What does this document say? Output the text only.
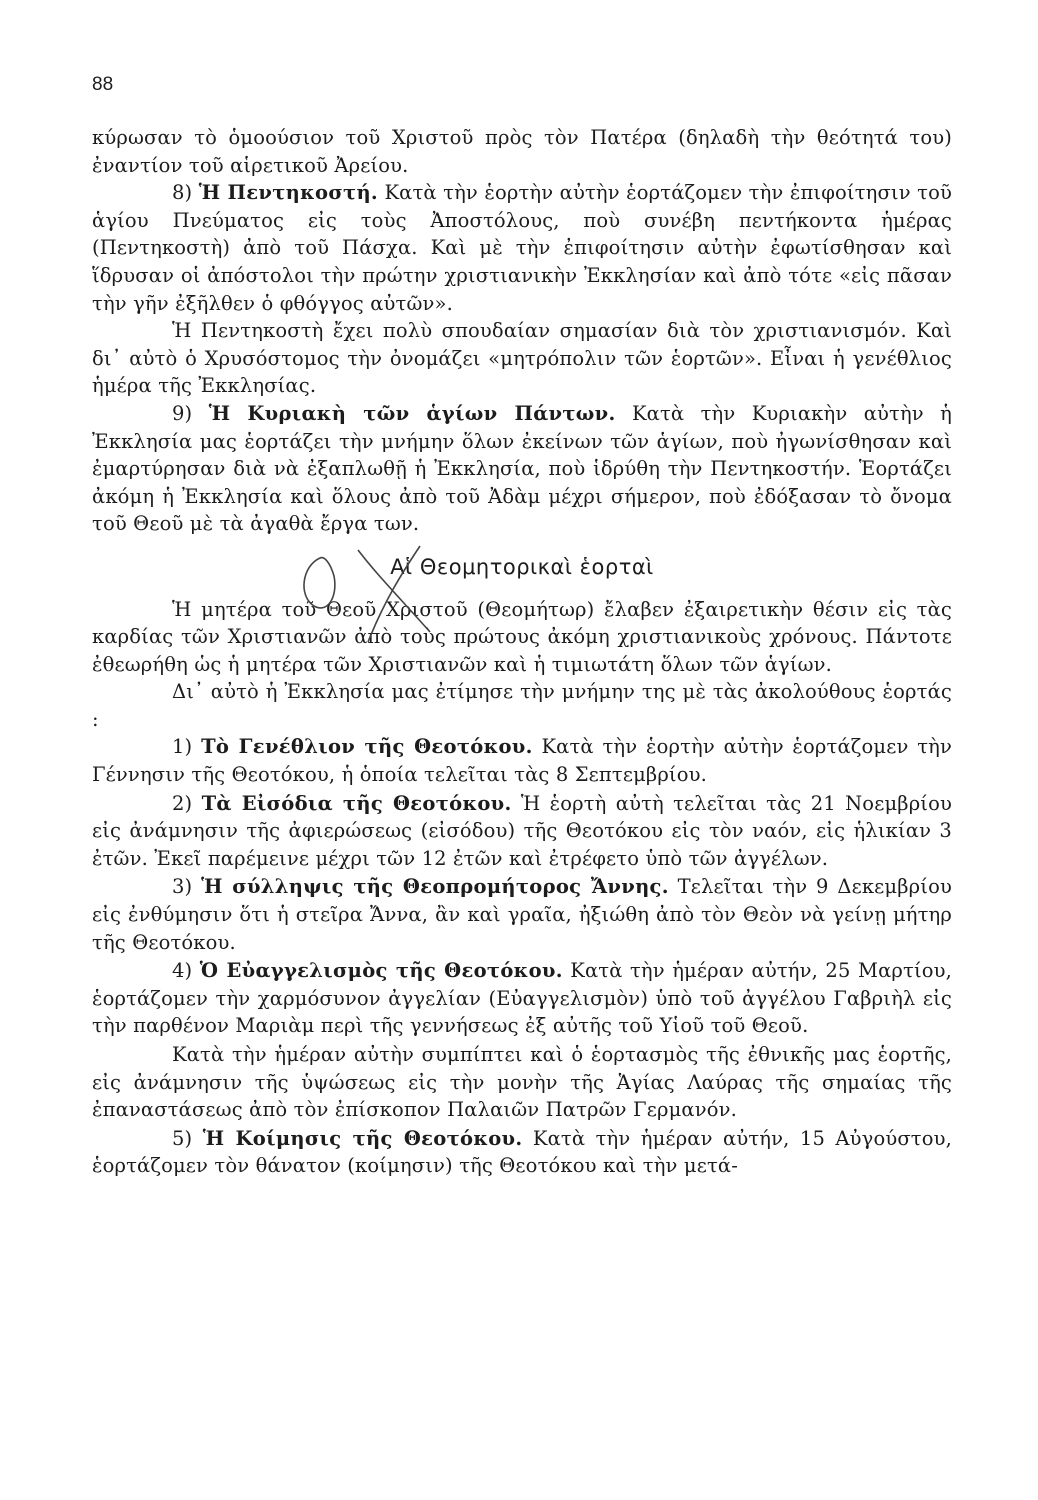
88

κύρωσαν τὸ ὁμοούσιον τοῦ Χριστοῦ πρὸς τὸν Πατέρα (δηλαδὴ τὴν θεότητά του) ἐναντίον τοῦ αἱρετικοῦ Ἀρείου.

8) Ἡ Πεντηκοστή. Κατὰ τὴν ἑορτὴν αὐτὴν ἑορτάζομεν τὴν ἐπιφοίτησιν τοῦ ἁγίου Πνεύματος εἰς τοὺς Ἀποστόλους, ποὺ συνέβη πεντήκοντα ἡμέρας (Πεντηκοστὴ) ἀπὸ τοῦ Πάσχα. Καὶ μὲ τὴν ἐπιφοίτησιν αὐτὴν ἐφωτίσθησαν καὶ ἵδρυσαν οἱ ἀπόστολοι τὴν πρώτην χριστιανικὴν Ἐκκλησίαν καὶ ἀπὸ τότε «εἰς πᾶσαν τὴν γῆν ἐξῆλθεν ὁ φθόγγος αὐτῶν».

Ἡ Πεντηκοστὴ ἔχει πολὺ σπουδαίαν σημασίαν διὰ τὸν χριστιανισμόν. Καὶ δι᾽ αὐτὸ ὁ Χρυσόστομος τὴν ὀνομάζει «μητρόπολιν τῶν ἑορτῶν». Εἶναι ἡ γενέθλιος ἡμέρα τῆς Ἐκκλησίας.

9) Ἡ Κυριακὴ τῶν ἁγίων Πάντων. Κατὰ τὴν Κυριακὴν αὐτὴν ἡ Ἐκκλησία μας ἑορτάζει τὴν μνήμην ὅλων ἐκείνων τῶν ἁγίων, ποὺ ἠγωνίσθησαν καὶ ἐμαρτύρησαν διὰ νὰ ἐξαπλωθῇ ἡ Ἐκκλησία, ποὺ ἱδρύθη τὴν Πεντηκοστήν. Ἑορτάζει ἀκόμη ἡ Ἐκκλησία καὶ ὅλους ἀπὸ τοῦ Ἀδὰμ μέχρι σήμερον, ποὺ ἐδόξασαν τὸ ὄνομα τοῦ Θεοῦ μὲ τὰ ἀγαθὰ ἔργα των.

Αἱ Θεομητορικαὶ ἑορταὶ

Ἡ μητέρα τοῦ Θεοῦ Χριστοῦ (Θεομήτωρ) ἔλαβεν ἐξαιρετικὴν θέσιν εἰς τὰς καρδίας τῶν Χριστιανῶν ἀπὸ τοὺς πρώτους ἀκόμη χριστιανικοὺς χρόνους. Πάντοτε ἐθεωρήθη ὡς ἡ μητέρα τῶν Χριστιανῶν καὶ ἡ τιμιωτάτη ὅλων τῶν ἁγίων.

Δι᾽ αὐτὸ ἡ Ἐκκλησία μας ἐτίμησε τὴν μνήμην της μὲ τὰς ἀκολούθους ἑορτάς :

1) Τὸ Γενέθλιον τῆς Θεοτόκου. Κατὰ τὴν ἑορτὴν αὐτὴν ἑορτάζομεν τὴν Γέννησιν τῆς Θεοτόκου, ἡ ὁποία τελεῖται τὰς 8 Σεπτεμβρίου.

2) Τὰ Εἰσόδια τῆς Θεοτόκου. Ἡ ἑορτὴ αὐτὴ τελεῖται τὰς 21 Νοεμβρίου εἰς ἀνάμνησιν τῆς ἀφιερώσεως (εἰσόδου) τῆς Θεοτόκου εἰς τὸν ναόν, εἰς ἡλικίαν 3 ἐτῶν. Ἐκεῖ παρέμεινε μέχρι τῶν 12 ἐτῶν καὶ ἐτρέφετο ὑπὸ τῶν ἀγγέλων.

3) Ἡ σύλληψις τῆς Θεοπρομήτορος Ἄννης. Τελεῖται τὴν 9 Δεκεμβρίου εἰς ἐνθύμησιν ὅτι ἡ στεῖρα Ἄννα, ἂν καὶ γραῖα, ἠξιώθη ἀπὸ τὸν Θεὸν νὰ γείνῃ μήτηρ τῆς Θεοτόκου.

4) Ὁ Εὐαγγελισμὸς τῆς Θεοτόκου. Κατὰ τὴν ἡμέραν αὐτήν, 25 Μαρτίου, ἑορτάζομεν τὴν χαρμόσυνον ἀγγελίαν (Εὐαγγελισμὸν) ὑπὸ τοῦ ἀγγέλου Γαβριὴλ εἰς τὴν παρθένον Μαριὰμ περὶ τῆς γεννήσεως ἐξ αὐτῆς τοῦ Υἱοῦ τοῦ Θεοῦ.

Κατὰ τὴν ἡμέραν αὐτὴν συμπίπτει καὶ ὁ ἑορτασμὸς τῆς ἐθνικῆς μας ἑορτῆς, εἰς ἀνάμνησιν τῆς ὑψώσεως εἰς τὴν μονὴν τῆς Ἁγίας Λαύρας τῆς σημαίας τῆς ἐπαναστάσεως ἀπὸ τὸν ἐπίσκοπον Παλαιῶν Πατρῶν Γερμανόν.

5) Ἡ Κοίμησις τῆς Θεοτόκου. Κατὰ τὴν ἡμέραν αὐτήν, 15 Αὐγούστου, ἑορτάζομεν τὸν θάνατον (κοίμησιν) τῆς Θεοτόκου καὶ τὴν μετά-
